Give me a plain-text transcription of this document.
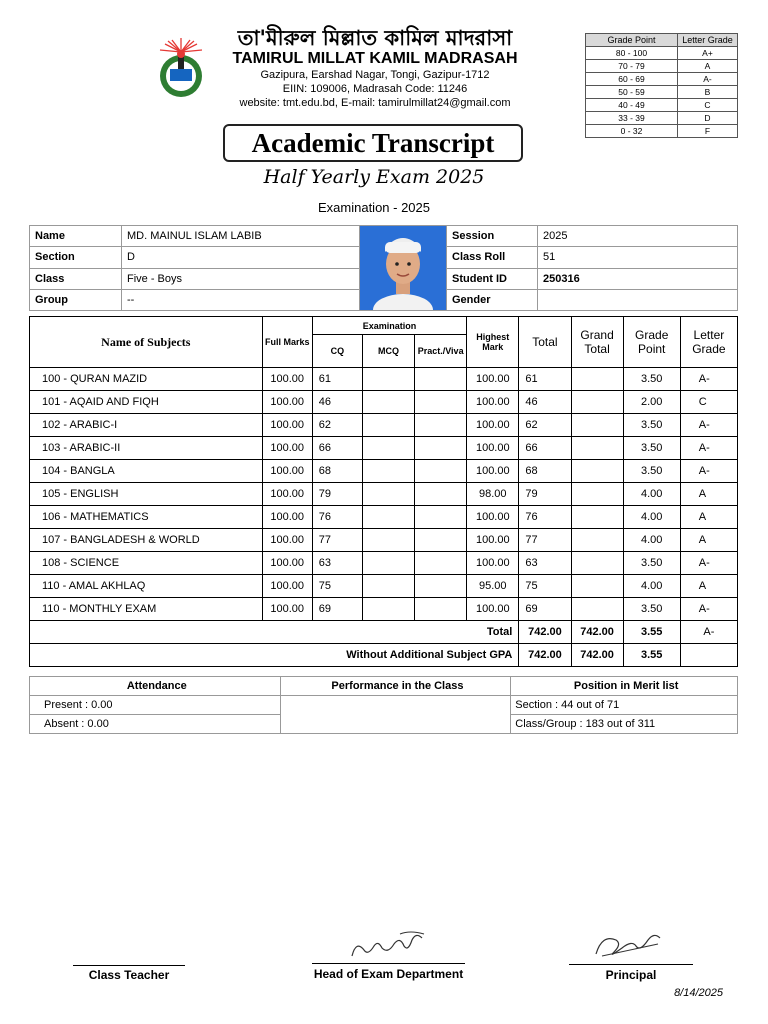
তা'মীরুল মিল্লাত কামিল মাদরাসা
TAMIRUL MILLAT KAMIL MADRASAH
Gazipura, Earshad Nagar, Tongi, Gazipur-1712
EIIN: 109006, Madrasah Code: 11246
website: tmt.edu.bd, E-mail: tamirulmillat24@gmail.com
Grade Point	Letter Grade
80 - 100	A+
70 - 79	A
60 - 69	A-
50 - 59	B
40 - 49	C
33 - 39	D
0 - 32	F
Academic Transcript
Half Yearly Exam 2025
Examination - 2025
Name	MD. MAINUL ISLAM LABIB		Session	2025
Section	D		Class Roll	51
Class	Five - Boys		Student ID	250316
Group	--		Gender	
Name of Subjects	Full Marks	Examination			Highest Mark	Total	Grand Total	Grade Point	Letter Grade
		CQ	MCQ	Pract./Viva					
100 - QURAN MAZID	100.00	61			100.00	61		3.50	A-
101 - AQAID AND FIQH	100.00	46			100.00	46		2.00	C
102 - ARABIC-I	100.00	62			100.00	62		3.50	A-
103 - ARABIC-II	100.00	66			100.00	66		3.50	A-
104 - BANGLA	100.00	68			100.00	68		3.50	A-
105 - ENGLISH	100.00	79			98.00	79		4.00	A
106 - MATHEMATICS	100.00	76			100.00	76		4.00	A
107 - BANGLADESH & WORLD	100.00	77			100.00	77		4.00	A
108 - SCIENCE	100.00	63			100.00	63		3.50	A-
110 - AMAL AKHLAQ	100.00	75			95.00	75		4.00	A
110 - MONTHLY EXAM	100.00	69			100.00	69		3.50	A-
Total						742.00	742.00	3.55	A-
Without Additional Subject GPA						742.00	742.00	3.55	
Attendance	Performance in the Class	Position in Merit list
Present : 0.00		Section : 44 out of 71
Absent : 0.00		Class/Group : 183 out of 311
Class Teacher	Head of Exam Department	Principal
8/14/2025
